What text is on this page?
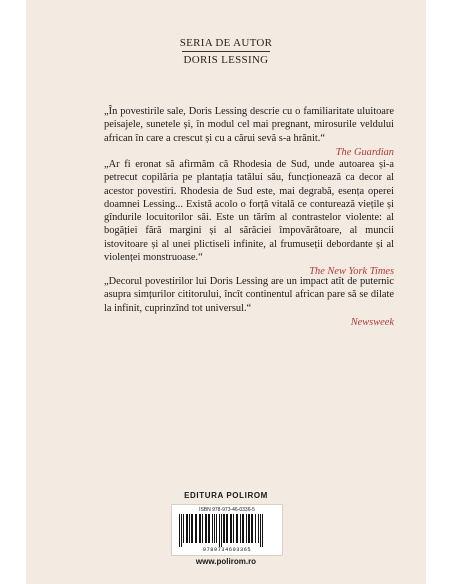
SERIA DE AUTOR
DORIS LESSING

„În povestirile sale, Doris Lessing descrie cu o familiaritate uluitoare peisajele, sunetele și, în modul cel mai pregnant, mirosurile veldului african în care a crescut și cu a cărui sevă s-a hrănit.“

The Guardian

„Ar fi eronat să afirmăm că Rhodesia de Sud, unde autoarea și-a petrecut copilăria pe plantația tatălui său, funcționează ca decor al acestor povestiri. Rhodesia de Sud este, mai degrabă, esența operei doamnei Lessing... Există acolo o forță vitală ce conturează viețile și gîndurile locuitorilor săi. Este un tărîm al contrastelor violente: al bogăției fără margini și al sărăciei împovărătoare, al muncii istovitoare și al unei plictiseli infinite, al frumuseții debordante și al violenței monstruoase.“

The New York Times

„Decorul povestirilor lui Doris Lessing are un impact atît de puternic asupra simțurilor cititorului, încît continentul african pare să se dilate la infinit, cuprinzînd tot universul.“

Newsweek
EDITURA POLIROM
ISBN 978-973-46-0336-5
9789734603365
www.polirom.ro
